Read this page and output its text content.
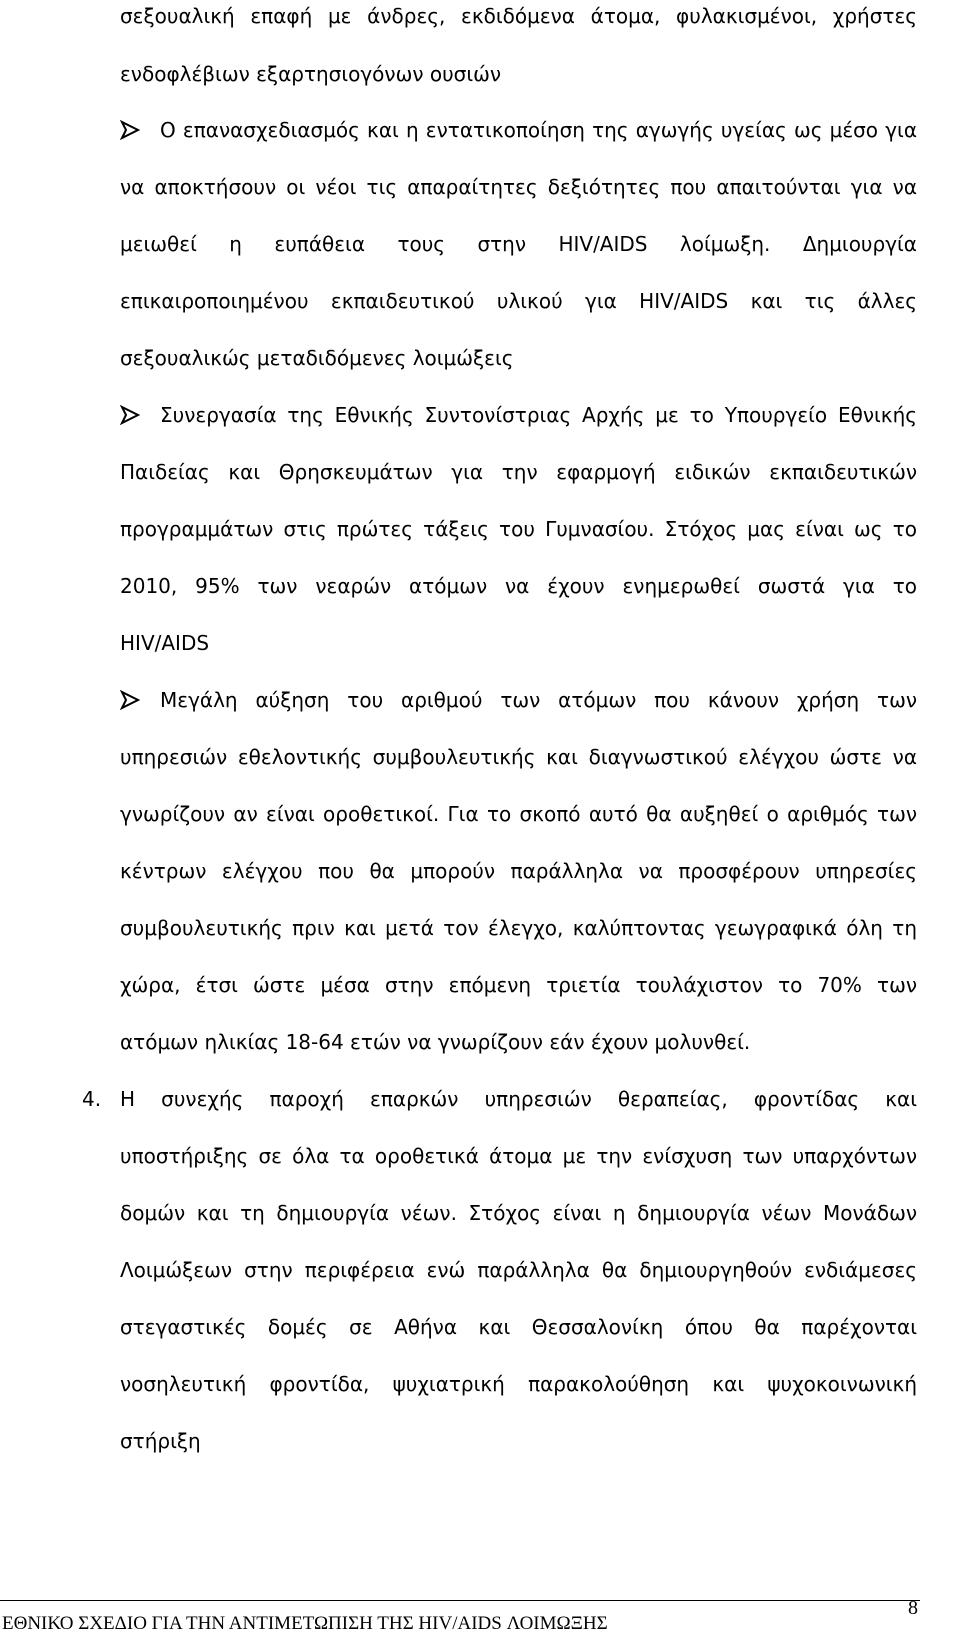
σεξουαλική επαφή με άνδρες, εκδιδόμενα άτομα, φυλακισμένοι, χρήστες
ενδοφλέβιων εξαρτησιογόνων ουσιών
Ο επανασχεδιασμός και η εντατικοποίηση της αγωγής υγείας ως μέσο για
να αποκτήσουν οι νέοι τις απαραίτητες δεξιότητες που απαιτούνται για να
μειωθεί η ευπάθεια τους στην HIV/AIDS λοίμωξη. Δημιουργία
επικαιροποιημένου εκπαιδευτικού υλικού για HIV/AIDS και τις άλλες
σεξουαλικώς μεταδιδόμενες λοιμώξεις
Συνεργασία της Εθνικής Συντονίστριας Αρχής με το Υπουργείο Εθνικής
Παιδείας και Θρησκευμάτων για την εφαρμογή ειδικών εκπαιδευτικών
προγραμμάτων στις πρώτες τάξεις του Γυμνασίου. Στόχος μας είναι ως το
2010, 95% των νεαρών ατόμων να έχουν ενημερωθεί σωστά για το
HIV/AIDS
Μεγάλη αύξηση του αριθμού των ατόμων που κάνουν χρήση των
υπηρεσιών εθελοντικής συμβουλευτικής και διαγνωστικού ελέγχου ώστε να
γνωρίζουν αν είναι οροθετικοί. Για το σκοπό αυτό θα αυξηθεί ο αριθμός των
κέντρων ελέγχου που θα μπορούν παράλληλα να προσφέρουν υπηρεσίες
συμβουλευτικής πριν και μετά τον έλεγχο, καλύπτοντας γεωγραφικά όλη τη
χώρα, έτσι ώστε μέσα στην επόμενη τριετία τουλάχιστον το 70% των
ατόμων ηλικίας 18-64 ετών να γνωρίζουν εάν έχουν μολυνθεί.
4. Η συνεχής παροχή επαρκών υπηρεσιών θεραπείας, φροντίδας και
υποστήριξης σε όλα τα οροθετικά άτομα με την ενίσχυση των υπαρχόντων
δομών και τη δημιουργία νέων. Στόχος είναι η δημιουργία νέων Μονάδων
Λοιμώξεων στην περιφέρεια ενώ παράλληλα θα δημιουργηθούν ενδιάμεσες
στεγαστικές δομές σε Αθήνα και Θεσσαλονίκη όπου θα παρέχονται
νοσηλευτική φροντίδα, ψυχιατρική παρακολούθηση και ψυχοκοινωνική
στήριξη
ΕΘΝΙΚΟ ΣΧΕΔΙΟ ΓΙΑ ΤΗΝ ΑΝΤΙΜΕΤΩΠΙΣΗ ΤΗΣ HIV/AIDS ΛΟΙΜΩΞΗΣ
8
